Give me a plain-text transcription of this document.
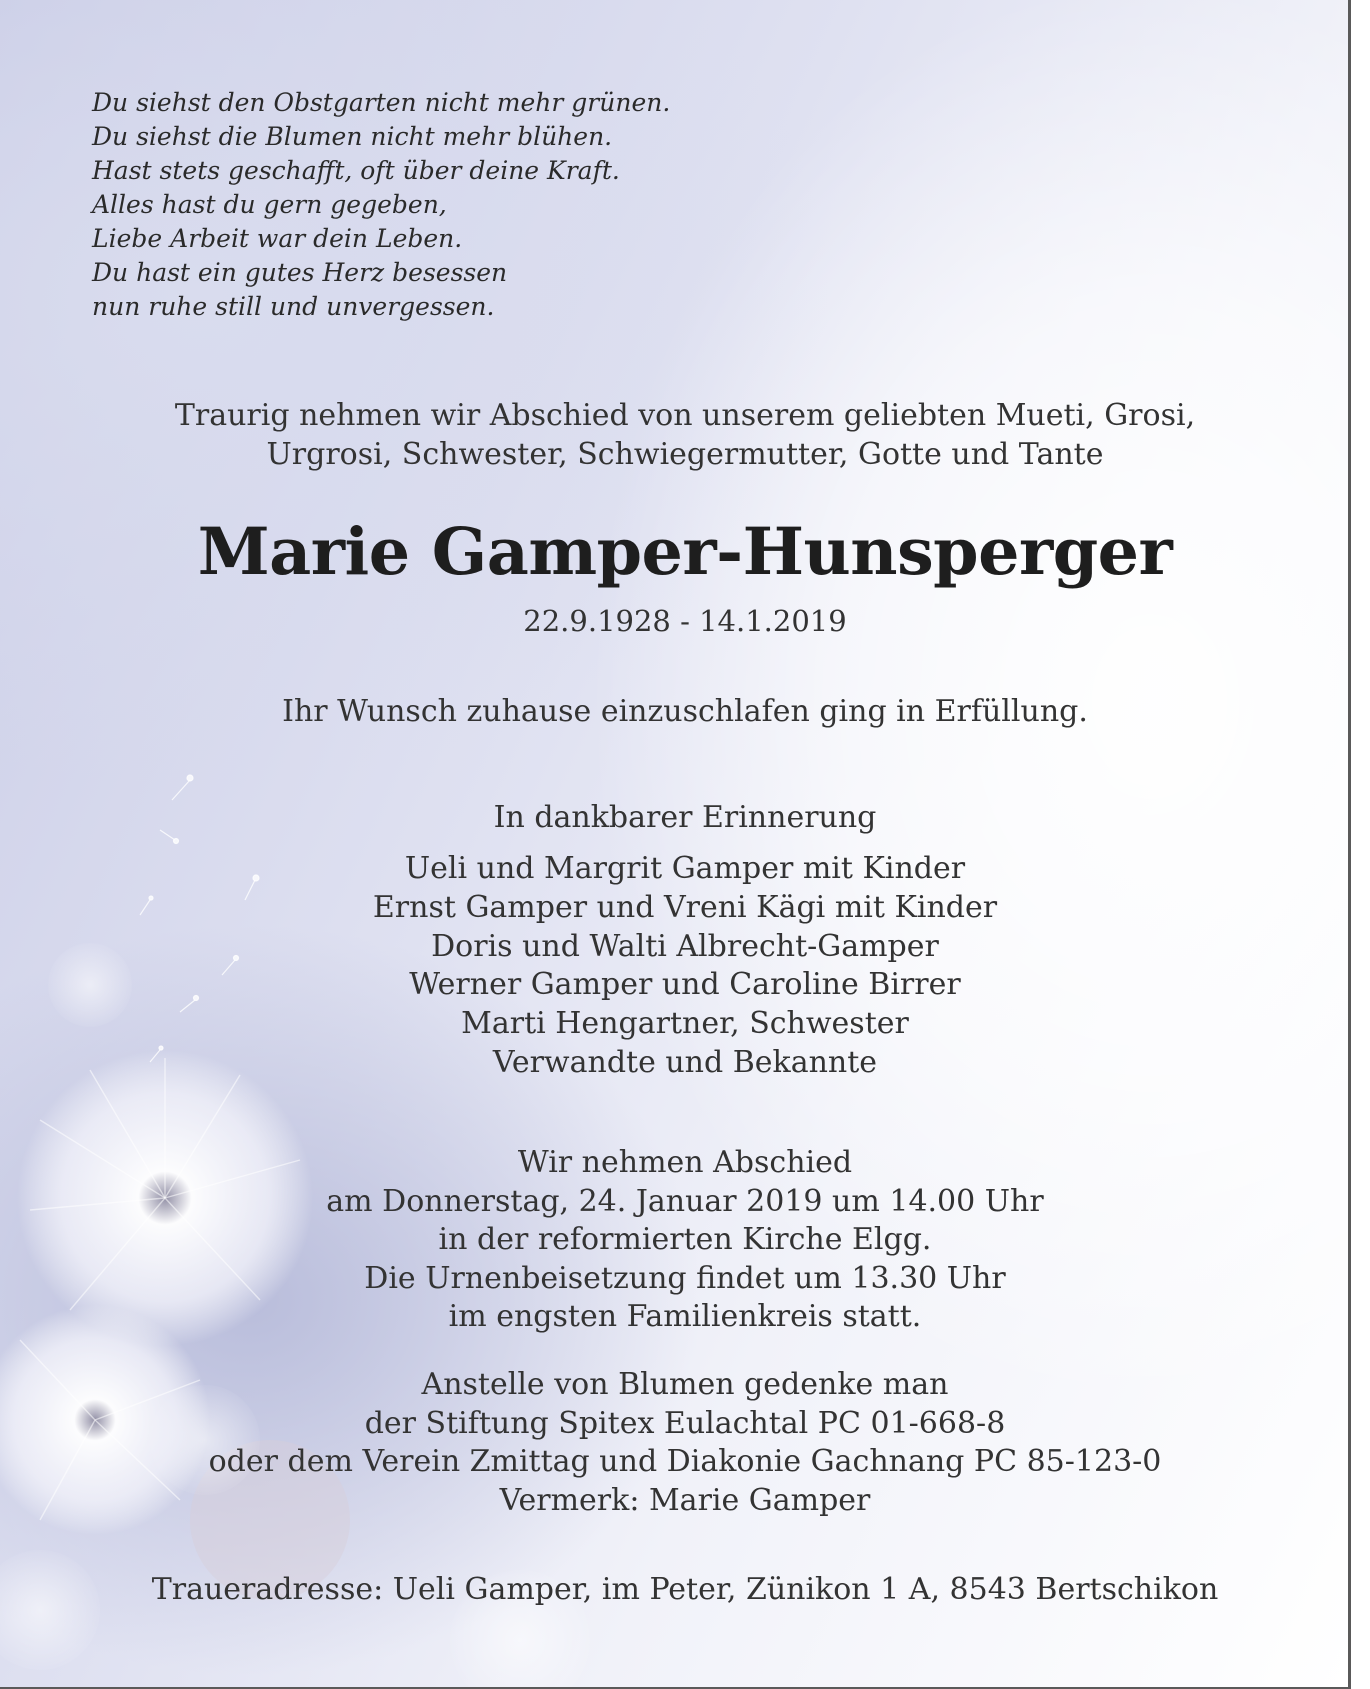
Du siehst den Obstgarten nicht mehr grünen.
Du siehst die Blumen nicht mehr blühen.
Hast stets geschafft, oft über deine Kraft.
Alles hast du gern gegeben,
Liebe Arbeit war dein Leben.
Du hast ein gutes Herz besessen
nun ruhe still und unvergessen.
Traurig nehmen wir Abschied von unserem geliebten Mueti, Grosi,
Urgrosi, Schwester, Schwiegermutter, Gotte und Tante
Marie Gamper-Hunsperger
22.9.1928 - 14.1.2019
Ihr Wunsch zuhause einzuschlafen ging in Erfüllung.
In dankbarer Erinnerung
Ueli und Margrit Gamper mit Kinder
Ernst Gamper und Vreni Kägi mit Kinder
Doris und Walti Albrecht-Gamper
Werner Gamper und Caroline Birrer
Marti Hengartner, Schwester
Verwandte und Bekannte
Wir nehmen Abschied
am Donnerstag, 24. Januar 2019 um 14.00 Uhr
in der reformierten Kirche Elgg.
Die Urnenbeisetzung findet um 13.30 Uhr
im engsten Familienkreis statt.
Anstelle von Blumen gedenke man
der Stiftung Spitex Eulachtal PC 01-668-8
oder dem Verein Zmittag und Diakonie Gachnang PC 85-123-0
Vermerk: Marie Gamper
Traueradresse: Ueli Gamper, im Peter, Zünikon 1 A, 8543 Bertschikon
